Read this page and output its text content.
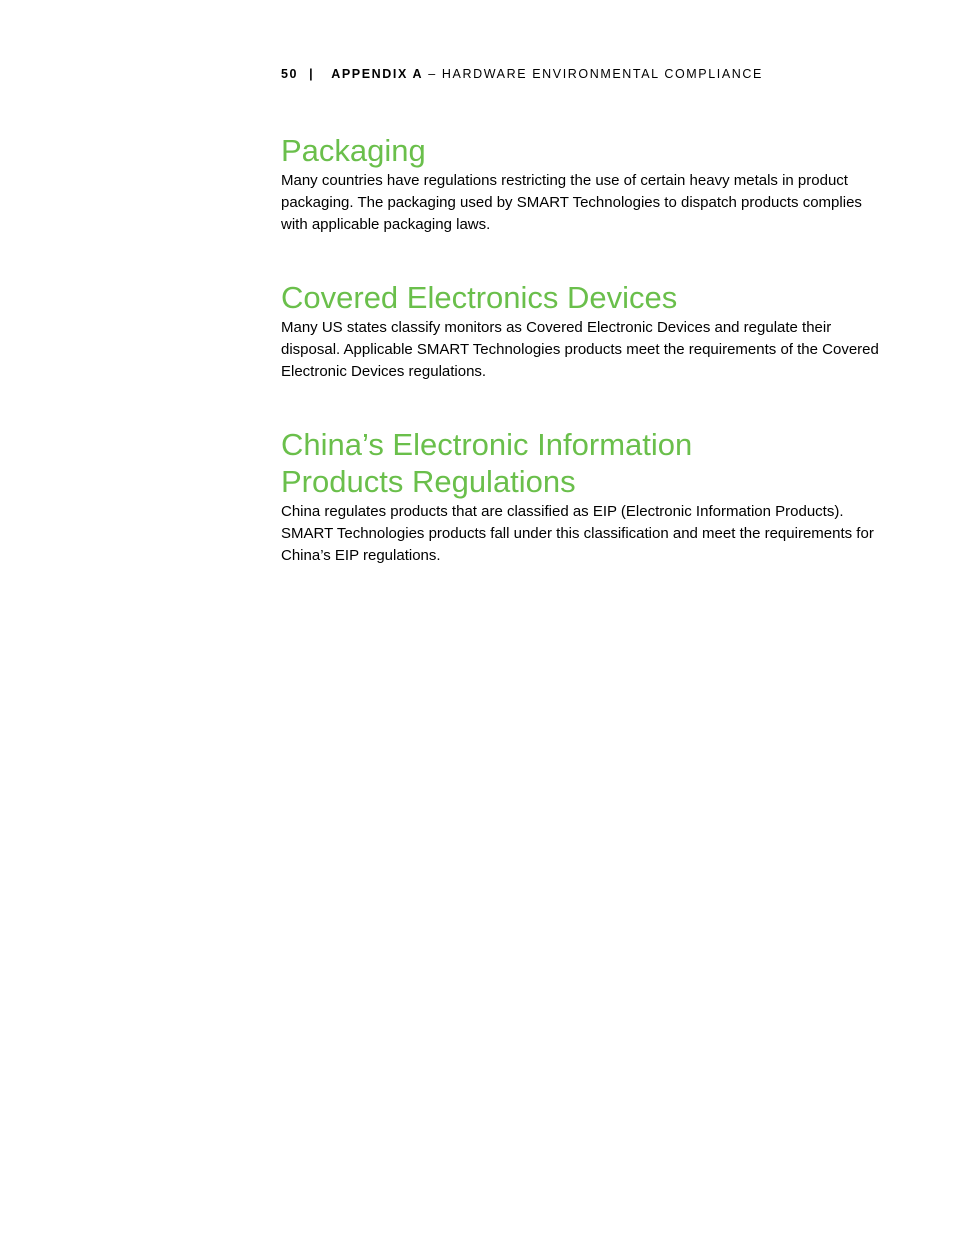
50 | APPENDIX A – HARDWARE ENVIRONMENTAL COMPLIANCE
Packaging

Many countries have regulations restricting the use of certain heavy metals in product packaging. The packaging used by SMART Technologies to dispatch products complies with applicable packaging laws.

Covered Electronics Devices

Many US states classify monitors as Covered Electronic Devices and regulate their disposal. Applicable SMART Technologies products meet the requirements of the Covered Electronic Devices regulations.

China’s Electronic Information
Products Regulations

China regulates products that are classified as EIP (Electronic Information Products). SMART Technologies products fall under this classification and meet the requirements for China’s EIP regulations.
